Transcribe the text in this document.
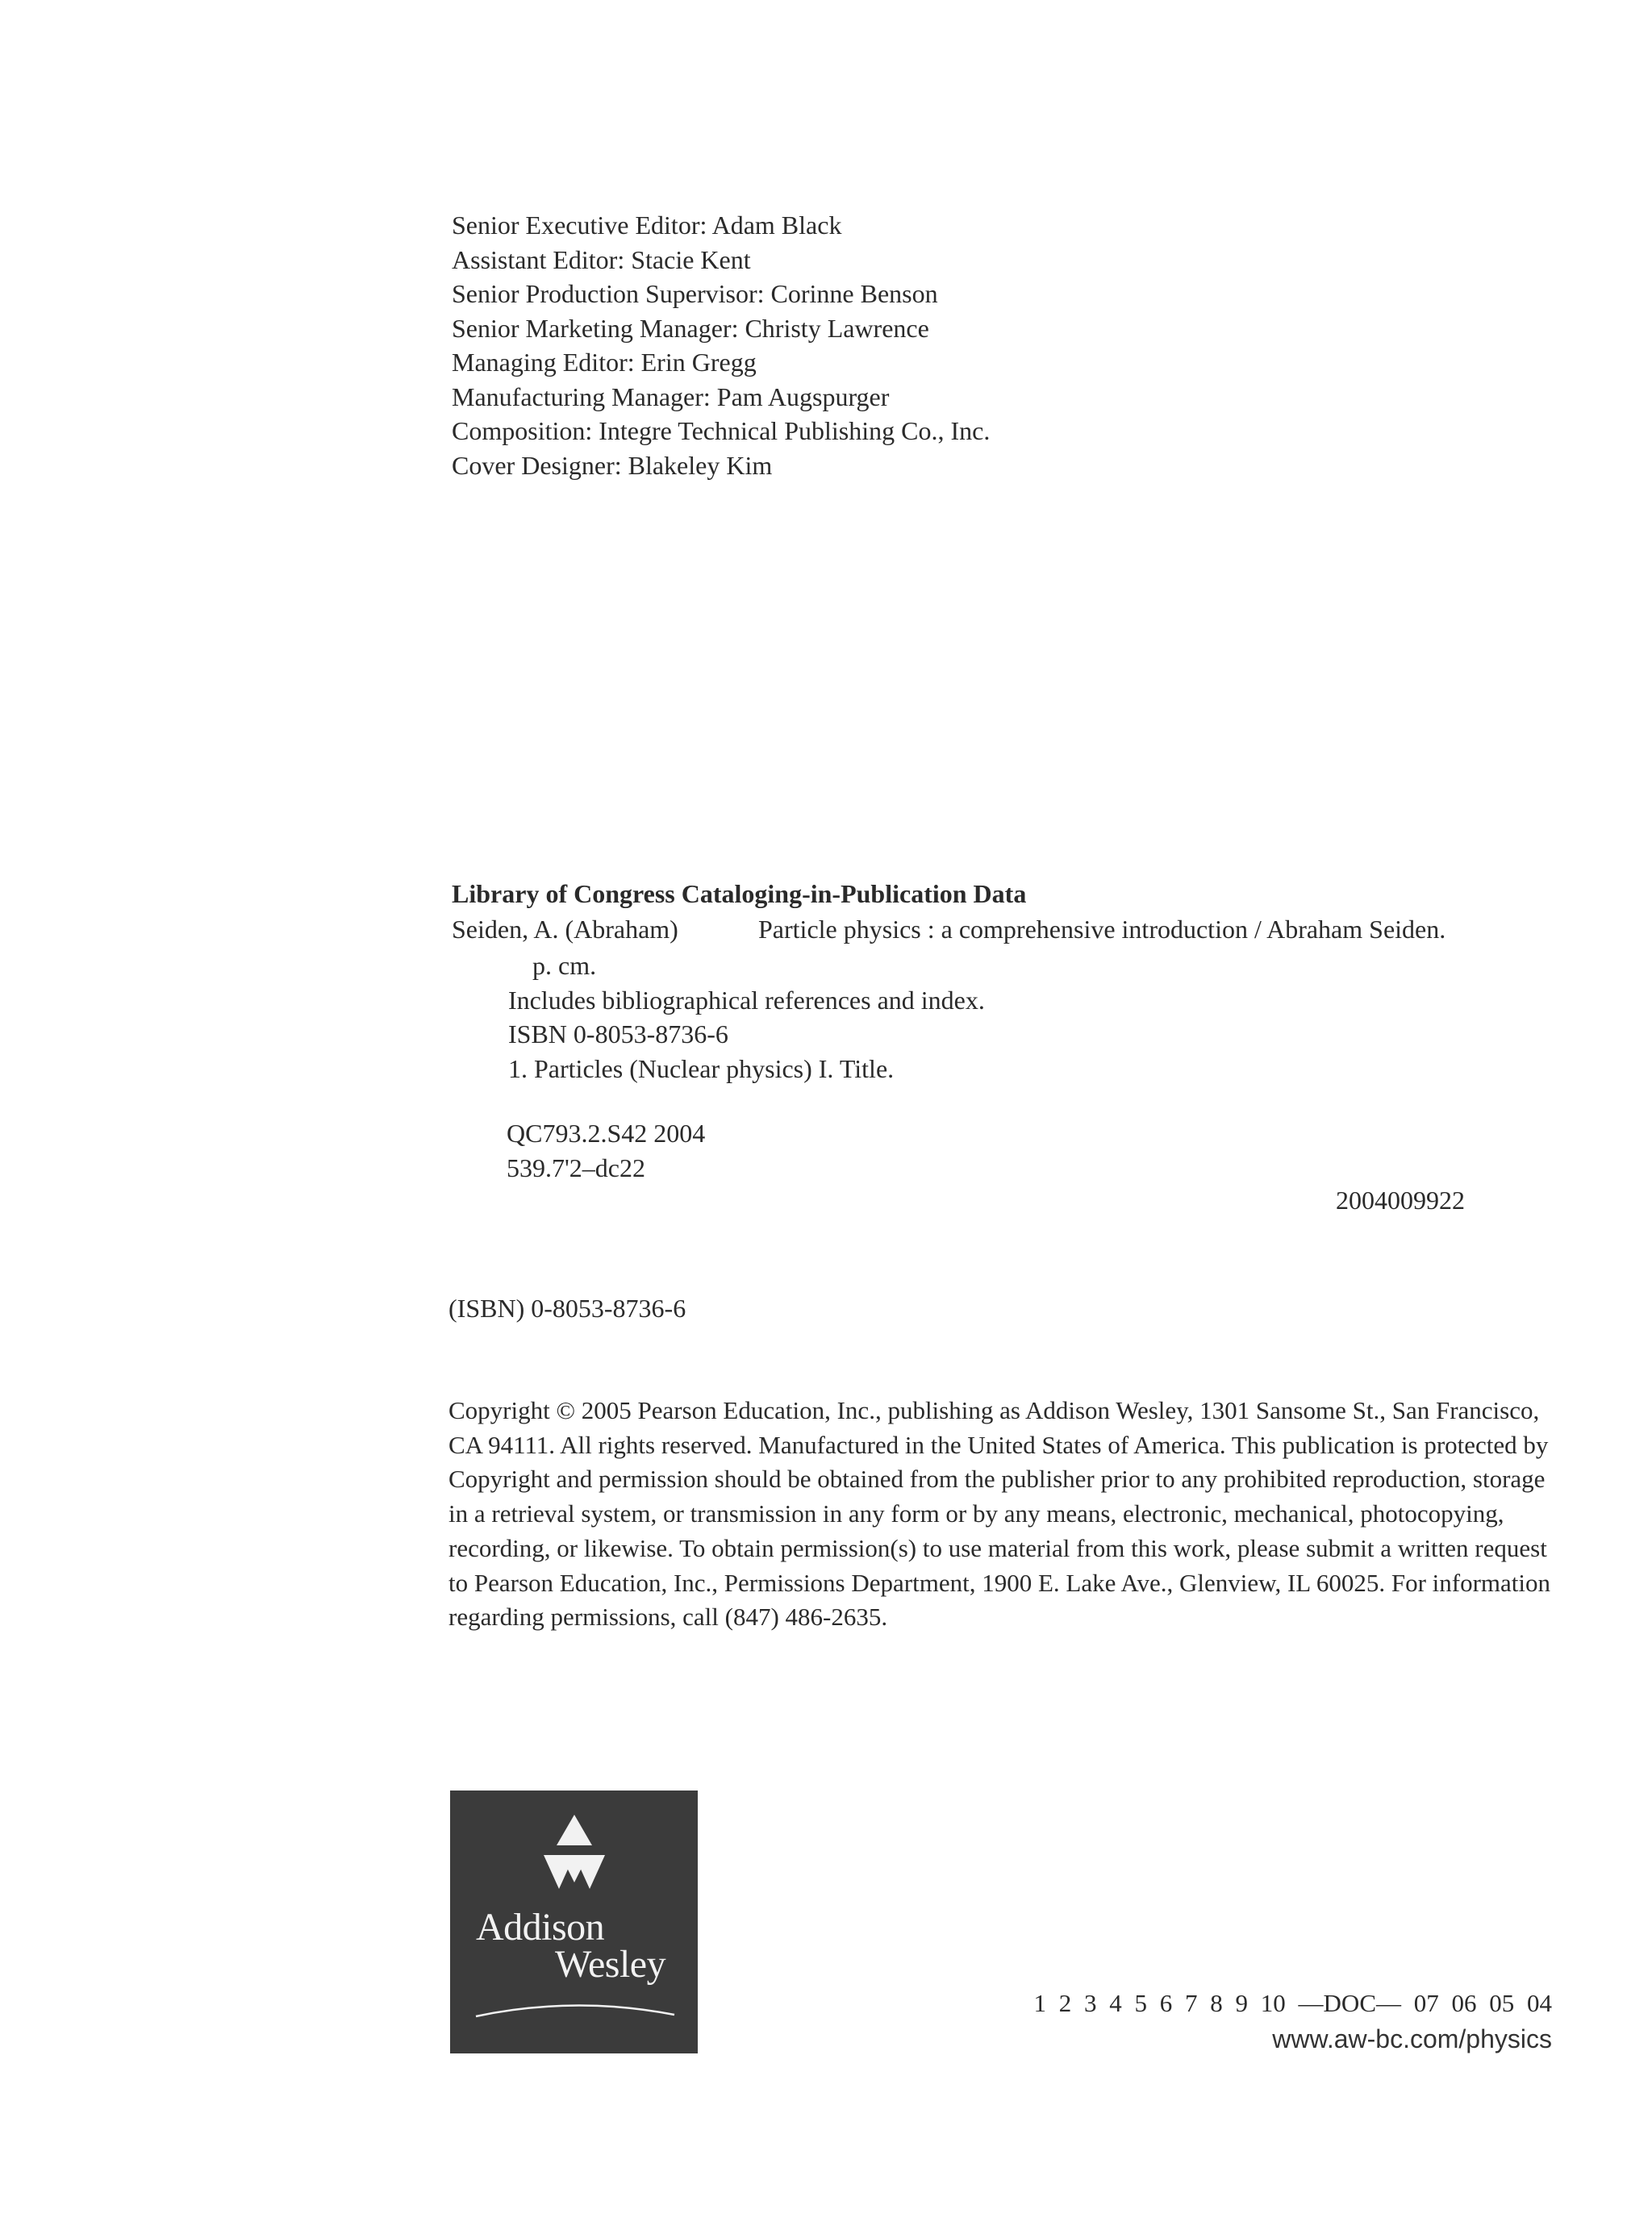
Senior Executive Editor: Adam Black
Assistant Editor: Stacie Kent
Senior Production Supervisor: Corinne Benson
Senior Marketing Manager: Christy Lawrence
Managing Editor: Erin Gregg
Manufacturing Manager: Pam Augspurger
Composition: Integre Technical Publishing Co., Inc.
Cover Designer: Blakeley Kim
Library of Congress Cataloging-in-Publication Data
Seiden, A. (Abraham)	Particle physics : a comprehensive introduction / Abraham Seiden.
p. cm.
Includes bibliographical references and index.
ISBN 0-8053-8736-6
1. Particles (Nuclear physics) I. Title.
QC793.2.S42 2004
539.7'2–dc22
2004009922
(ISBN) 0-8053-8736-6
Copyright © 2005 Pearson Education, Inc., publishing as Addison Wesley, 1301 Sansome St., San Francisco, CA 94111. All rights reserved. Manufactured in the United States of America. This publication is protected by Copyright and permission should be obtained from the publisher prior to any prohibited reproduction, storage in a retrieval system, or transmission in any form or by any means, electronic, mechanical, photocopying, recording, or likewise. To obtain permission(s) to use material from this work, please submit a written request to Pearson Education, Inc., Permissions Department, 1900 E. Lake Ave., Glenview, IL 60025. For information regarding permissions, call (847) 486-2635.
Addison
Wesley
1 2 3 4 5 6 7 8 9 10 —DOC— 07 06 05 04
www.aw-bc.com/physics
